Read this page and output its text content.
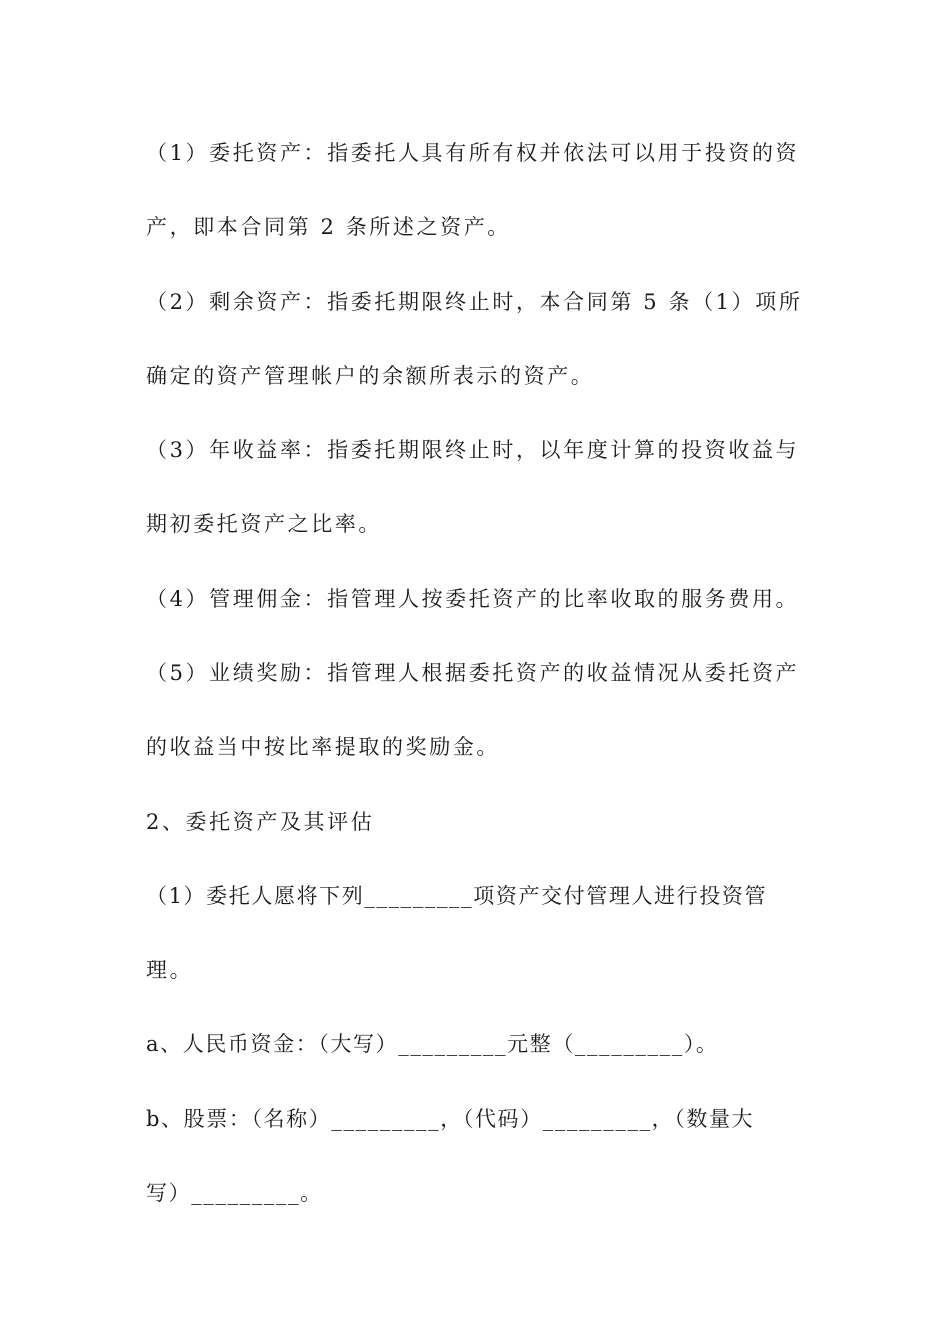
（1）委托资产：指委托人具有所有权并依法可以用于投资的资
产，即本合同第 2 条所述之资产。
（2）剩余资产：指委托期限终止时，本合同第 5 条（1）项所
确定的资产管理帐户的余额所表示的资产。
（3）年收益率：指委托期限终止时，以年度计算的投资收益与
期初委托资产之比率。
（4）管理佣金：指管理人按委托资产的比率收取的服务费用。
（5）业绩奖励：指管理人根据委托资产的收益情况从委托资产
的收益当中按比率提取的奖励金。
2、委托资产及其评估
（1）委托人愿将下列_________项资产交付管理人进行投资管
理。
a、人民币资金：（大写）_________元整（_________）。
b、股票：（名称）_________，（代码）_________，（数量大
写）_________。
